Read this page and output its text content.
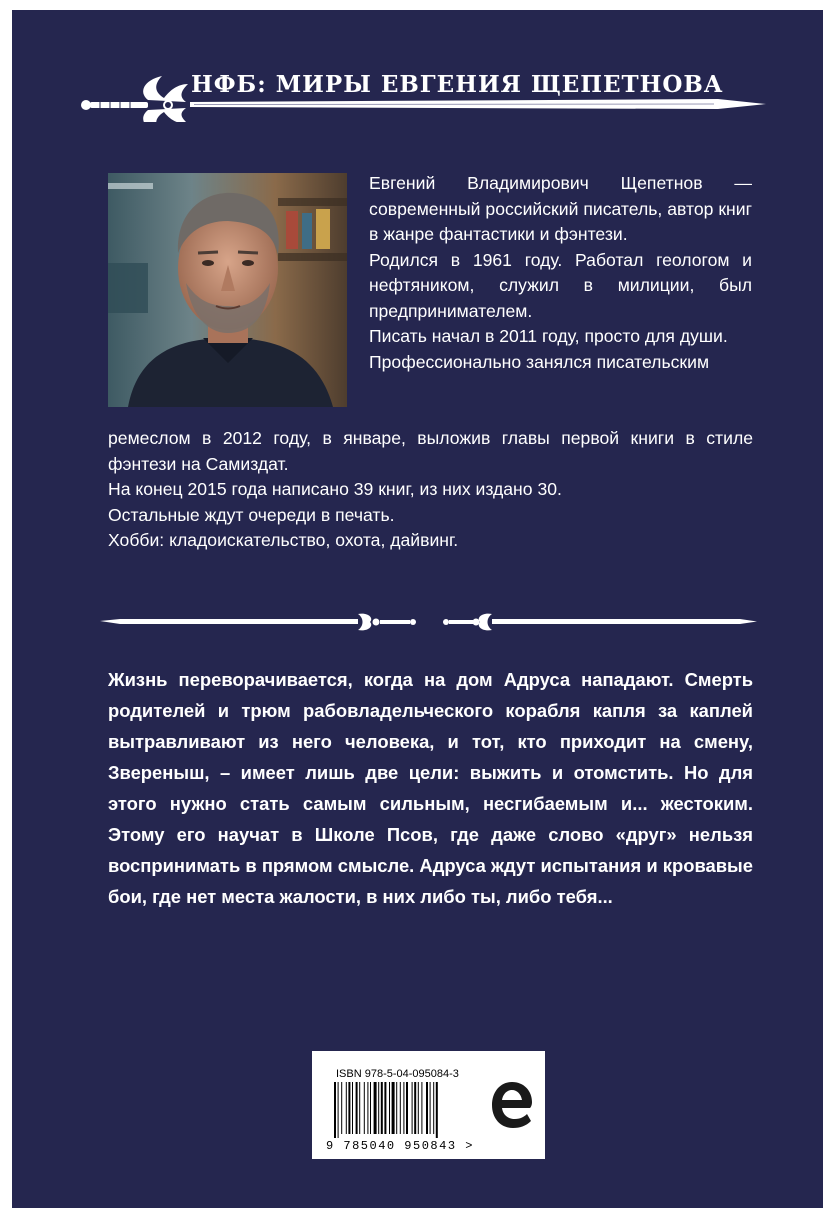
НФБ: МИРЫ ЕВГЕНИЯ ЩЕПЕТНОВА

Евгений Владимирович Щепетнов — современный российский писатель, автор книг в жанре фантастики и фэнтези.

Родился в 1961 году. Работал геологом и нефтяником, служил в милиции, был предпринимателем.

Писать начал в 2011 году, просто для души.

Профессионально занялся писательским

ремеслом в 2012 году, в январе, выложив главы первой книги в стиле фэнтези на Самиздат.

На конец 2015 года написано 39 книг, из них издано 30.

Остальные ждут очереди в печать.

Хобби: кладоискательство, охота, дайвинг.

Жизнь переворачивается, когда на дом Адруса нападают. Смерть родителей и трюм рабовладельческого корабля капля за каплей вытравливают из него человека, и тот, кто приходит на смену, Звереныш, – имеет лишь две цели: выжить и отомстить. Но для этого нужно стать самым сильным, несгибаемым и... жестоким. Этому его научат в Школе Псов, где даже слово «друг» нельзя воспринимать в прямом смысле. Адруса ждут испытания и кровавые бои, где нет места жалости, в них либо ты, либо тебя...
ISBN 978-5-04-095084-3
9 785040 950843 >
